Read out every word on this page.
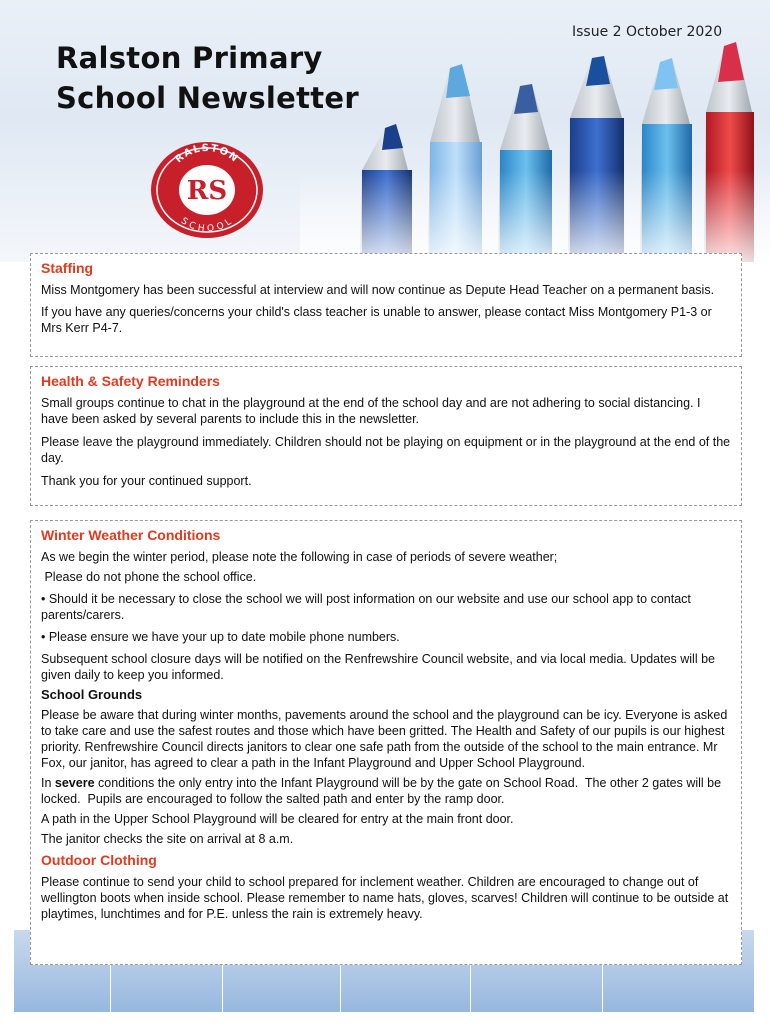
Ralston Primary
School Newsletter
Issue 2 October 2020
RALSTON
SCHOOL
RS
Staffing

Miss Montgomery has been successful at interview and will now continue as Depute Head Teacher on a permanent basis.

If you have any queries/concerns your child's class teacher is unable to answer, please contact Miss Montgomery P1-3 or Mrs Kerr P4-7.

Health & Safety Reminders

Small groups continue to chat in the playground at the end of the school day and are not adhering to social distancing. I have been asked by several parents to include this in the newsletter.

Please leave the playground immediately. Children should not be playing on equipment or in the playground at the end of the day.

Thank you for your continued support.

Winter Weather Conditions

As we begin the winter period, please note the following in case of periods of severe weather;

Please do not phone the school office.

• Should it be necessary to close the school we will post information on our website and use our school app to contact parents/carers.

• Please ensure we have your up to date mobile phone numbers.

Subsequent school closure days will be notified on the Renfrewshire Council website, and via local media. Updates will be given daily to keep you informed.

School Grounds

Please be aware that during winter months, pavements around the school and the playground can be icy. Everyone is asked to take care and use the safest routes and those which have been gritted. The Health and Safety of our pupils is our highest priority. Renfrewshire Council directs janitors to clear one safe path from the outside of the school to the main entrance. Mr Fox, our janitor, has agreed to clear a path in the Infant Playground and Upper School Playground.

In severe conditions the only entry into the Infant Playground will be by the gate on School Road.  The other 2 gates will be locked.  Pupils are encouraged to follow the salted path and enter by the ramp door.

A path in the Upper School Playground will be cleared for entry at the main front door.

The janitor checks the site on arrival at 8 a.m.

Outdoor Clothing

Please continue to send your child to school prepared for inclement weather. Children are encouraged to change out of wellington boots when inside school. Please remember to name hats, gloves, scarves! Children will continue to be outside at playtimes, lunchtimes and for P.E. unless the rain is extremely heavy.
